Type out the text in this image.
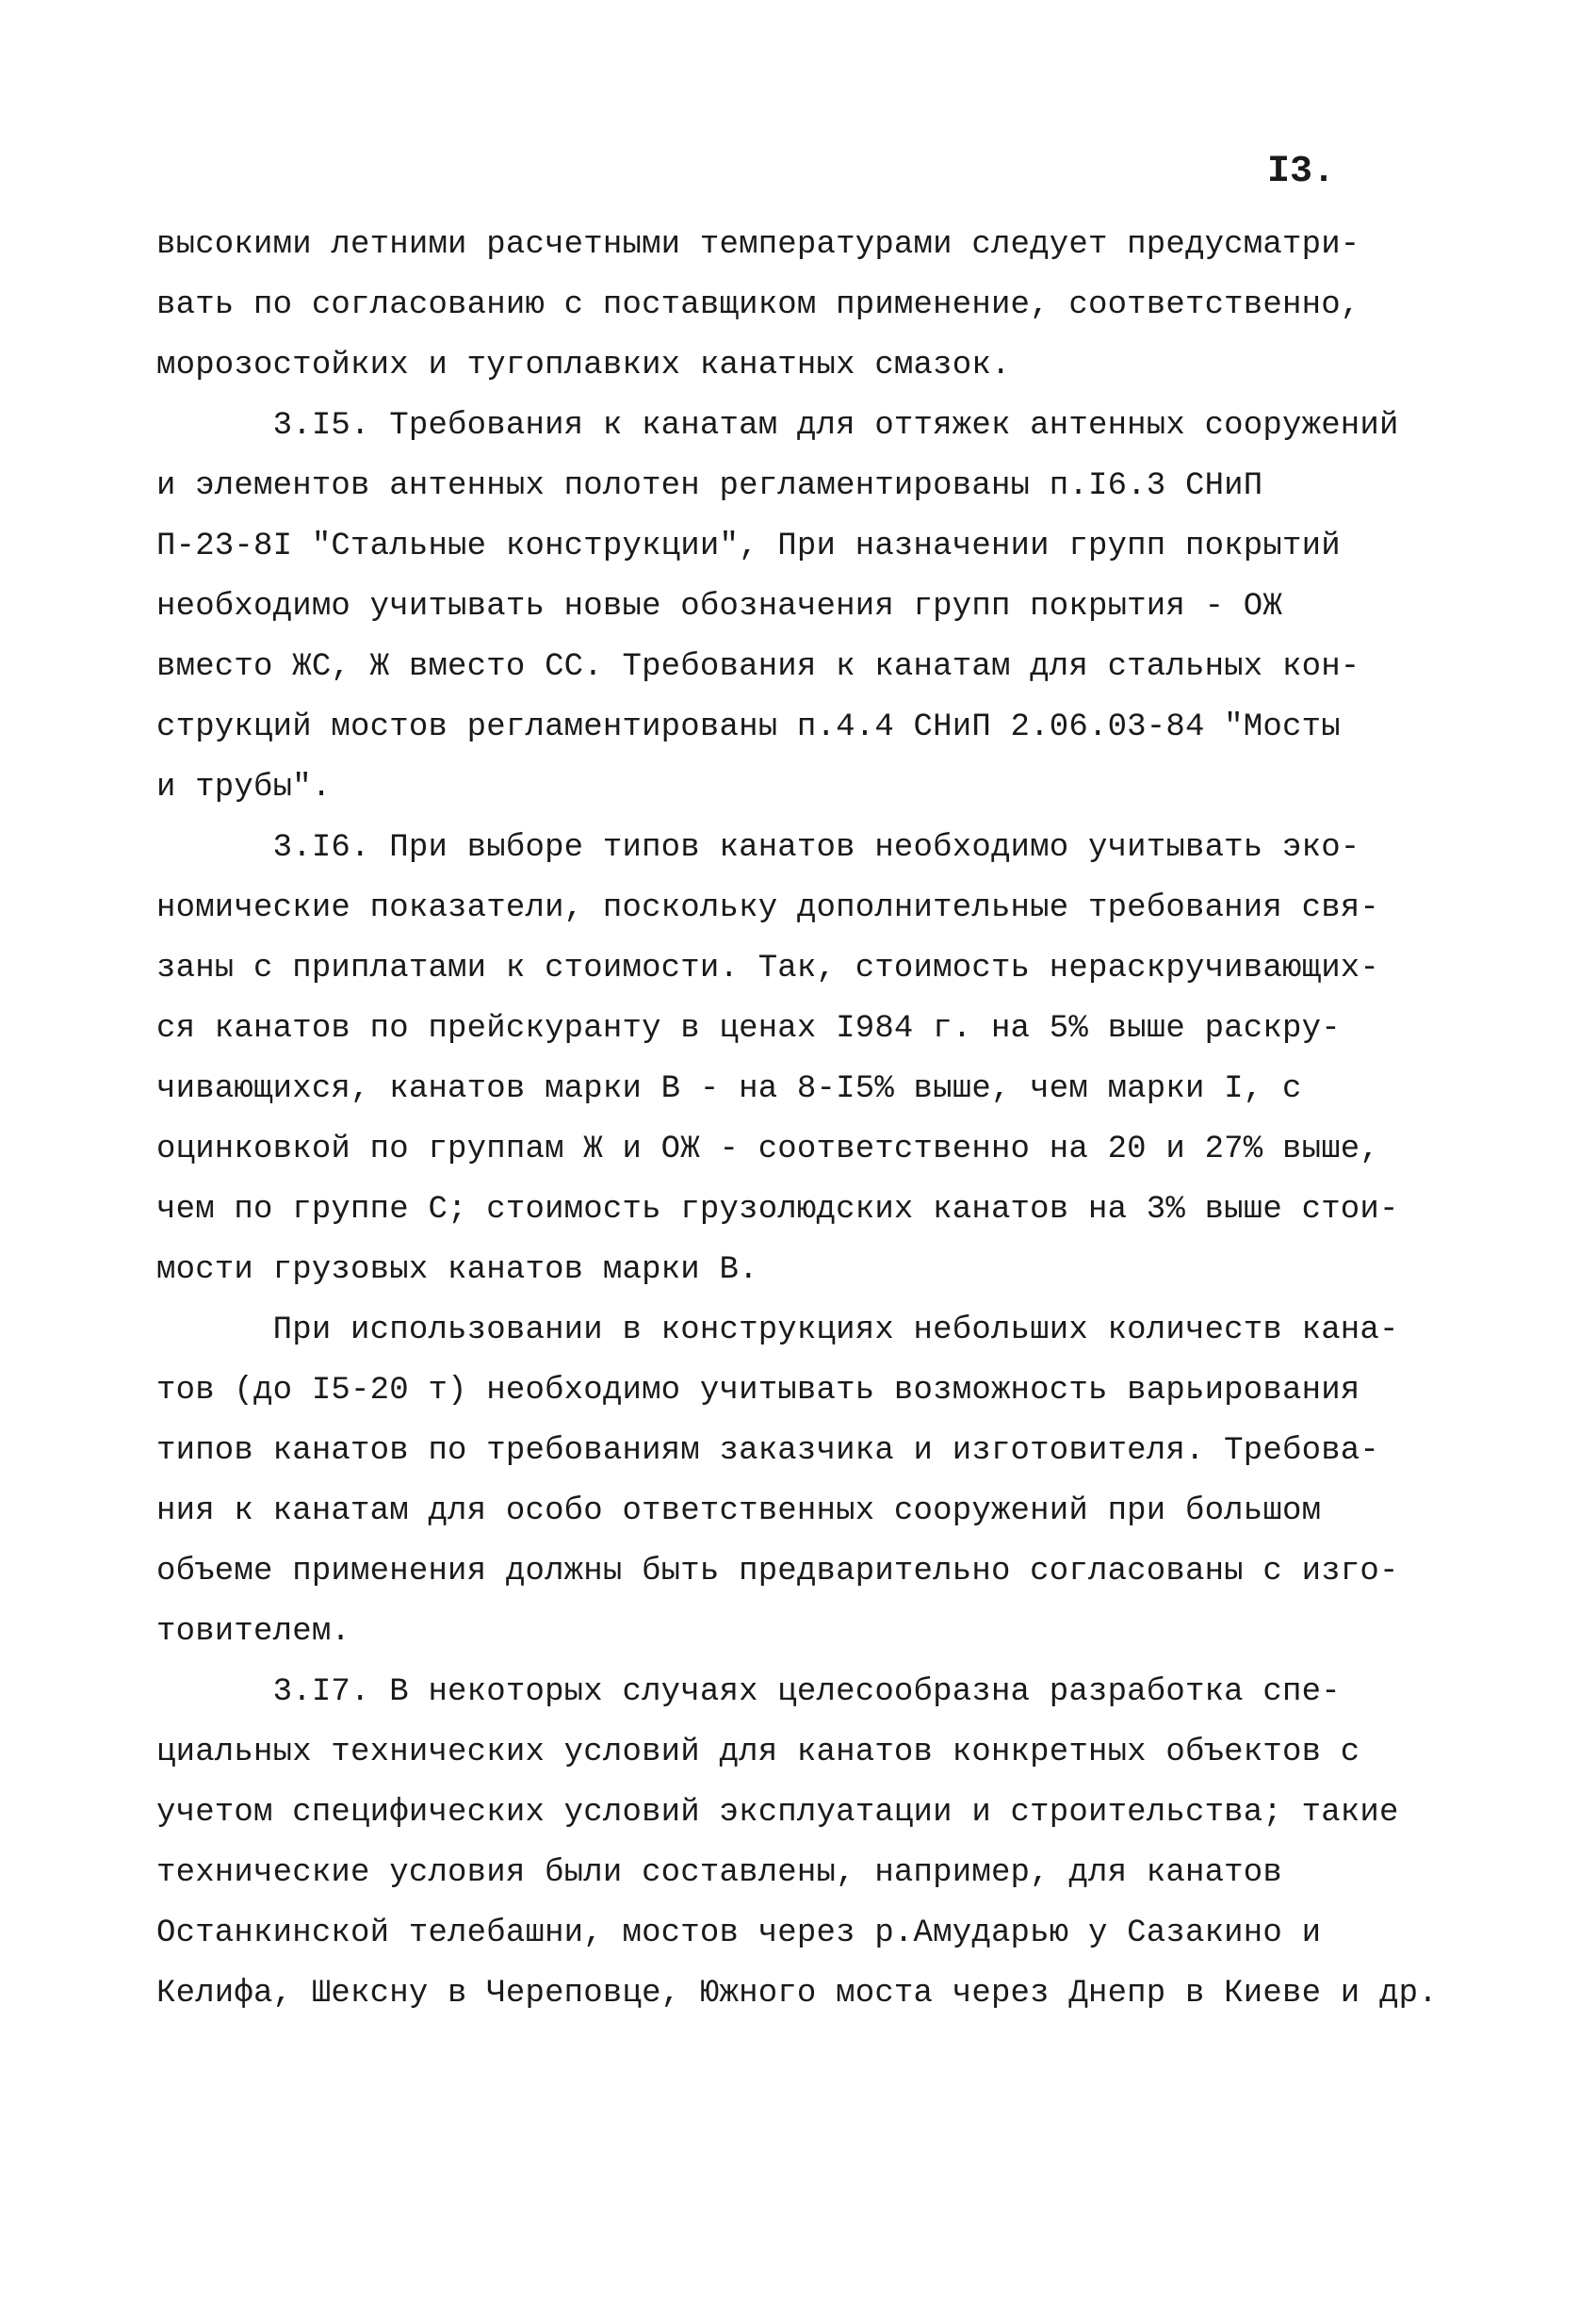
I3.
высокими летними расчетными температурами следует предусматри-
вать по согласованию с поставщиком применение, соответственно,
морозостойких и тугоплавких канатных смазок.
3.I5. Требования к канатам для оттяжек антенных сооружений
и элементов антенных полотен регламентированы п.I6.3 СНиП
П-23-8I "Стальные конструкции", При назначении групп покрытий
необходимо учитывать новые обозначения групп покрытия - ОЖ
вместо ЖС, Ж вместо СС. Требования к канатам для стальных кон-
струкций мостов регламентированы п.4.4 СНиП 2.06.03-84 "Мосты
и трубы".
3.I6. При выборе типов канатов необходимо учитывать эко-
номические показатели, поскольку дополнительные требования свя-
заны с приплатами к стоимости. Так, стоимость нераскручивающих-
ся канатов по прейскуранту в ценах I984 г. на 5% выше раскру-
чивающихся, канатов марки В - на 8-I5% выше, чем марки I, с
оцинковкой по группам Ж и ОЖ - соответственно на 20 и 27% выше,
чем по группе С; стоимость грузолюдских канатов на 3% выше стои-
мости грузовых канатов марки В.
При использовании в конструкциях небольших количеств кана-
тов (до I5-20 т) необходимо учитывать возможность варьирования
типов канатов по требованиям заказчика и изготовителя. Требова-
ния к канатам для особо ответственных сооружений при большом
объеме применения должны быть предварительно согласованы с изго-
товителем.
3.I7. В некоторых случаях целесообразна разработка спе-
циальных технических условий для канатов конкретных объектов с
учетом специфических условий эксплуатации и строительства; такие
технические условия были составлены, например, для канатов
Останкинской телебашни, мостов через р.Амударью у Сазакино и
Келифа, Шексну в Череповце, Южного моста через Днепр в Киеве и др.
